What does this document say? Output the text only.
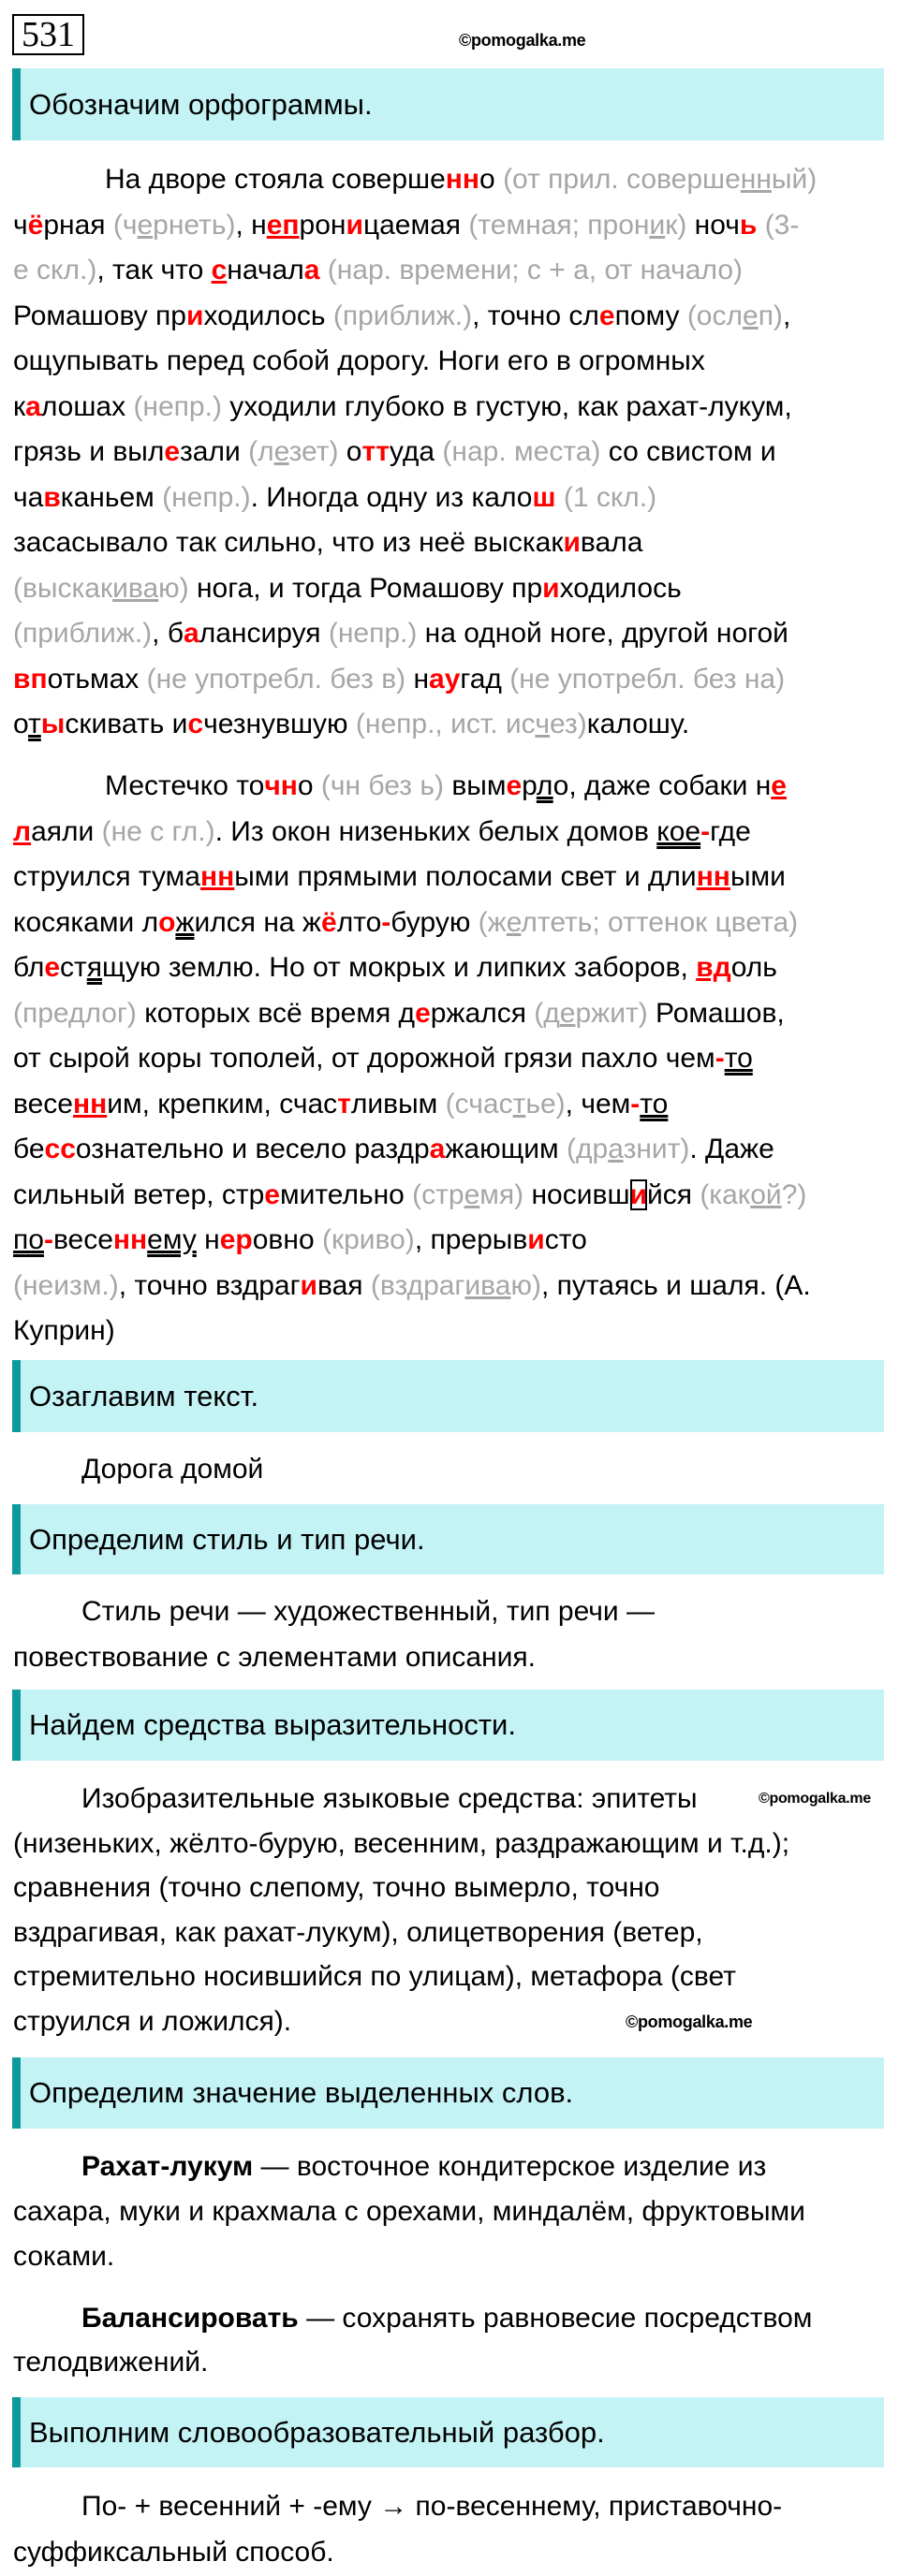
531	©pomogalka.me
Обозначим орфограммы.
На дворе стояла совершенно (от прил. совершенный)
чёрная (чернеть), непроницаемая (темная; проник) ночь (3-
е скл.), так что сначала (нар. времени; с + а, от начало)
Ромашову приходилось (приближ.), точно слепому (ослеп),
ощупывать перед собой дорогу. Ноги его в огромных
калошах (непр.) уходили глубоко в густую, как рахат-лукум,
грязь и вылезали (лезет) оттуда (нар. места) со свистом и
чавканьем (непр.). Иногда одну из калош (1 скл.)
засасывало так сильно, что из неё выскакивала
(выскакиваю) нога, и тогда Ромашову приходилось
(приближ.), балансируя (непр.) на одной ноге, другой ногой
впотьмах (не употребл. без в) наугад (не употребл. без на)
отыскивать исчезнувшую (непр., ист. исчез)калошу.
Местечко точно (чн без ь) вымерло, даже собаки не
лаяли (не с гл.). Из окон низеньких белых домов кое-где
струился туманными прямыми полосами свет и длинными
косяками ложился на жёлто-бурую (желтеть; оттенок цвета)
блестящую землю. Но от мокрых и липких заборов, вдоль
(предлог) которых всё время держался (держит) Ромашов,
от сырой коры тополей, от дорожной грязи пахло чем-то
весенним, крепким, счастливым (счастье), чем-то
бессознательно и весело раздражающим (дразнит). Даже
сильный ветер, стремительно (стремя) носившийся (какой?)
по-весеннему неровно (криво), прерывисто
(неизм.), точно вздрагивая (вздрагиваю), путаясь и шаля. (А.
Куприн)
Озаглавим текст.
Дорога домой
Определим стиль и тип речи.
Стиль речи — художественный, тип речи —
повествование с элементами описания.
Найдем средства выразительности.
Изобразительные языковые средства: эпитеты
(низеньких, жёлто-бурую, весенним, раздражающим и т.д.);
сравнения (точно слепому, точно вымерло, точно
вздрагивая, как рахат-лукум), олицетворения (ветер,
стремительно носившийся по улицам), метафора (свет
струился и ложился).
©pomogalka.me
©pomogalka.me
Определим значение выделенных слов.
Рахат-лукум — восточное кондитерское изделие из
сахара, муки и крахмала с орехами, миндалём, фруктовыми
соками.
Балансировать — сохранять равновесие посредством
телодвижений.
Выполним словообразовательный разбор.
По- + весенний + -ему → по-весеннему, приставочно-
суффиксальный способ.
